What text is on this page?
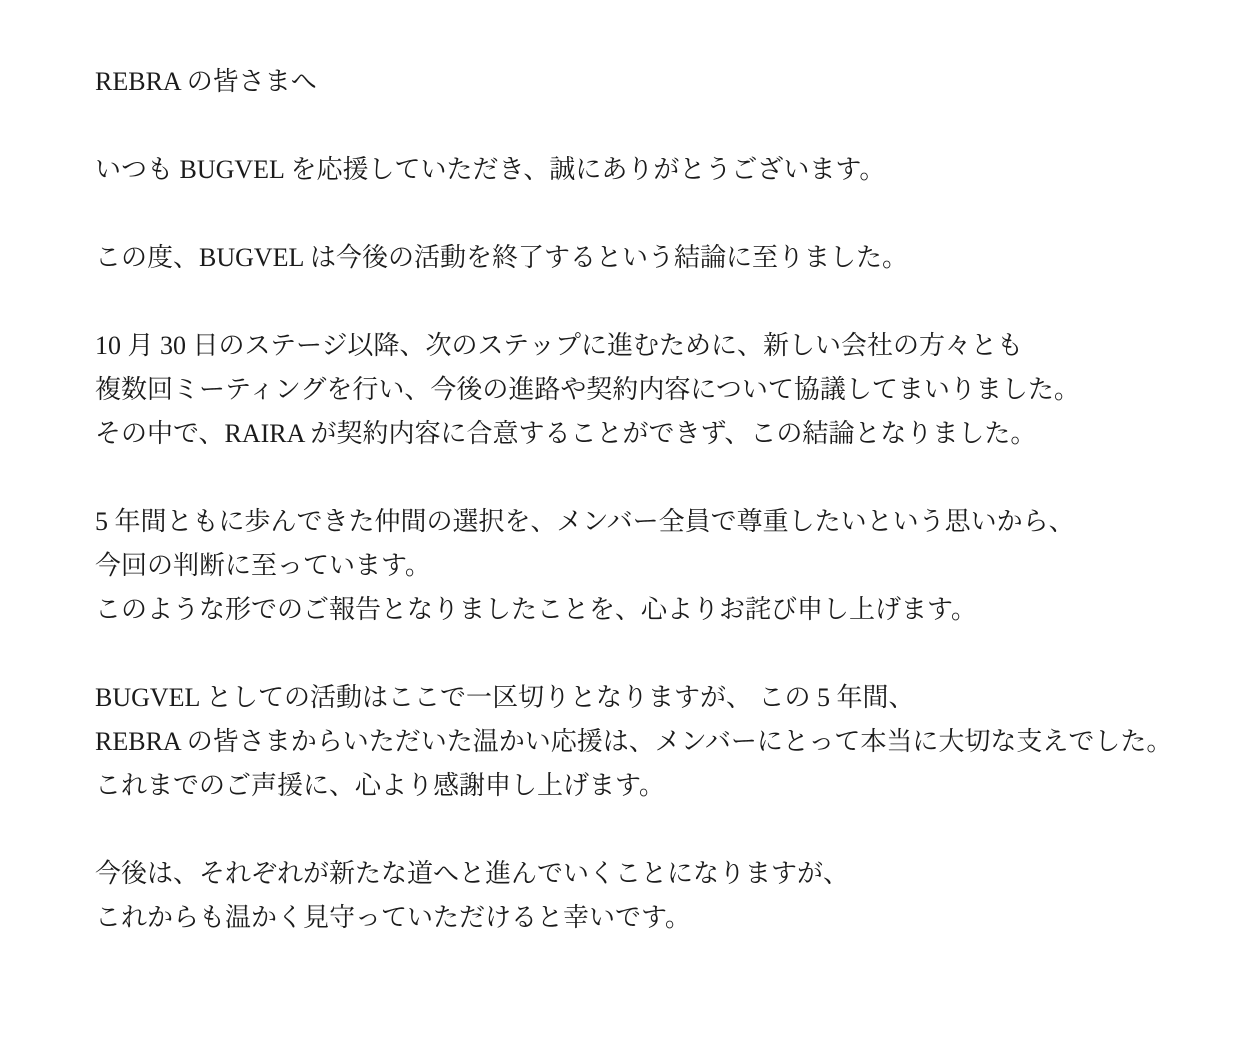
REBRA の皆さまへ

いつも BUGVEL を応援していただき、誠にありがとうございます。

この度、BUGVEL は今後の活動を終了するという結論に至りました。

10 月 30 日のステージ以降、次のステップに進むために、新しい会社の方々とも
複数回ミーティングを行い、今後の進路や契約内容について協議してまいりました。
その中で、RAIRA が契約内容に合意することができず、この結論となりました。

5 年間ともに歩んできた仲間の選択を、メンバー全員で尊重したいという思いから、
今回の判断に至っています。
このような形でのご報告となりましたことを、心よりお詫び申し上げます。

BUGVEL としての活動はここで一区切りとなりますが、 この 5 年間、
REBRA の皆さまからいただいた温かい応援は、メンバーにとって本当に大切な支えでした。
これまでのご声援に、心より感謝申し上げます。

今後は、それぞれが新たな道へと進んでいくことになりますが、
これからも温かく見守っていただけると幸いです。
